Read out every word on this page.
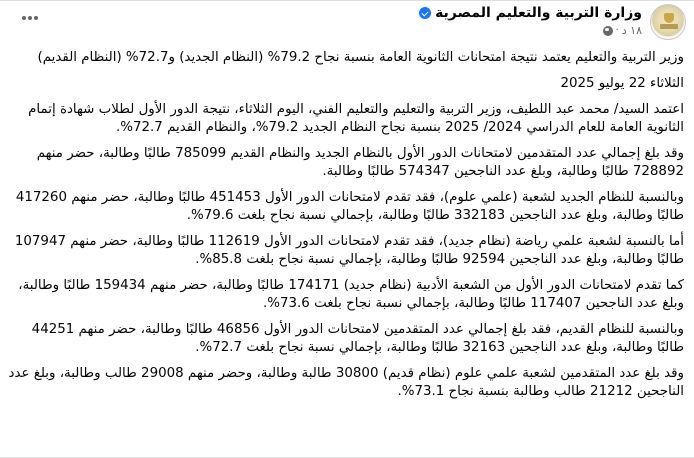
وزارة التربية والتعليم المصرية
١٨ د
·

وزير التربية والتعليم يعتمد نتيجة امتحانات الثانوية العامة بنسبة نجاح 79.2% (النظام الجديد) و72.7% (النظام القديم)

الثلاثاء 22 يوليو 2025

اعتمد السيد/ محمد عبد اللطيف، وزير التربية والتعليم والتعليم الفني، اليوم الثلاثاء، نتيجة الدور الأول لطلاب شهادة إتمام الثانوية العامة للعام الدراسي 2024/ 2025 بنسبة نجاح النظام الجديد 79.2%، والنظام القديم 72.7%.

وقد بلغ إجمالي عدد المتقدمين لامتحانات الدور الأول بالنظام الجديد والنظام القديم 785099 طالبًا وطالبة، حضر منهم 728892 طالبًا وطالبة، وبلغ عدد الناجحين 574347 طالبًا وطالبة.

وبالنسبة للنظام الجديد لشعبة (علمي علوم)، فقد تقدم لامتحانات الدور الأول 451453 طالبًا وطالبة، حضر منهم 417260 طالبًا وطالبة، وبلغ عدد الناجحين 332183 طالبًا وطالبة، بإجمالي نسبة نجاح بلغت 79.6%.

أما بالنسبة لشعبة علمي رياضة (نظام جديد)، فقد تقدم لامتحانات الدور الأول 112619 طالبًا وطالبة، حضر منهم 107947 طالبًا وطالبة، وبلغ عدد الناجحين 92594 طالبًا وطالبة، بإجمالي نسبة نجاح بلغت 85.8%.

كما تقدم لامتحانات الدور الأول من الشعبة الأدبية (نظام جديد) 174171 طالبًا وطالبة، حضر منهم 159434 طالبًا وطالبة، وبلغ عدد الناجحين 117407 طالبًا وطالبة، بإجمالي نسبة نجاح بلغت 73.6%.

وبالنسبة للنظام القديم، فقد بلغ إجمالي عدد المتقدمين لامتحانات الدور الأول 46856 طالبًا وطالبة، حضر منهم 44251 طالبًا وطالبة، وبلغ عدد الناجحين 32163 طالبًا وطالبة، بإجمالي نسبة نجاح بلغت 72.7%.

وقد بلغ عدد المتقدمين لشعبة علمي علوم (نظام قديم) 30800 طالبة وطالبة، وحضر منهم 29008 طالب وطالبة، وبلغ عدد الناجحين 21212 طالب وطالبة بنسبة نجاح 73.1%.
